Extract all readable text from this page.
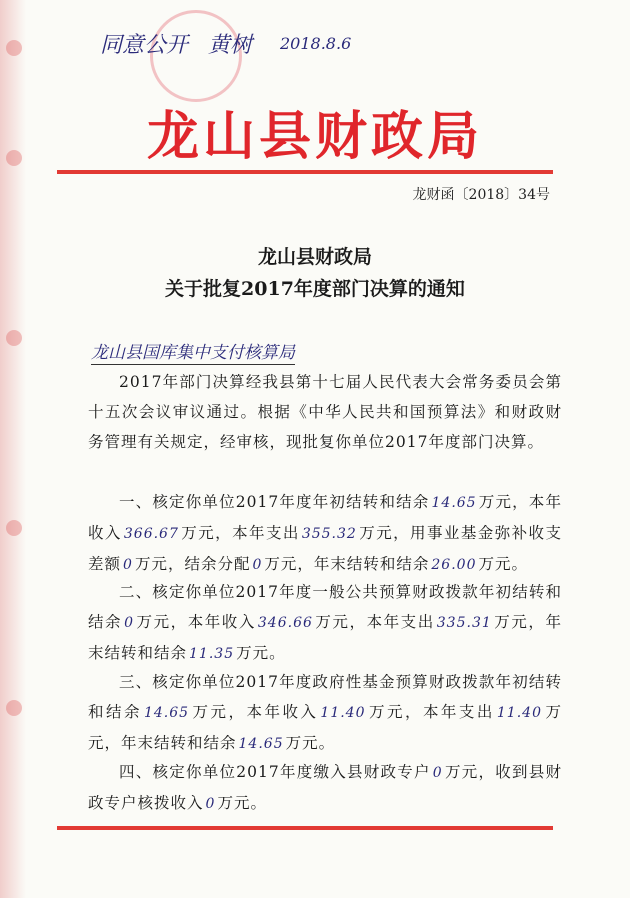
同意公开 黄树 2018.8.6
龙山县财政局
龙财函〔2018〕34号
龙山县财政局
关于批复2017年度部门决算的通知
龙山县国库集中支付核算局

2017年部门决算经我县第十七届人民代表大会常务委员会第十五次会议审议通过。根据《中华人民共和国预算法》和财政财务管理有关规定，经审核，现批复你单位2017年度部门决算。

一、核定你单位2017年度年初结转和结余 14.65 万元，本年收入 366.67 万元，本年支出 355.32 万元，用事业基金弥补收支差额 0 万元，结余分配 0 万元，年末结转和结余 26.00 万元。

二、核定你单位2017年度一般公共预算财政拨款年初结转和结余 0 万元，本年收入 346.66 万元，本年支出 335.31 万元，年末结转和结余 11.35 万元。

三、核定你单位2017年度政府性基金预算财政拨款年初结转和结余 14.65 万元，本年收入 11.40 万元，本年支出 11.40 万元，年末结转和结余 14.65 万元。

四、核定你单位2017年度缴入县财政专户 0 万元，收到县财政专户核拨收入 0 万元。
